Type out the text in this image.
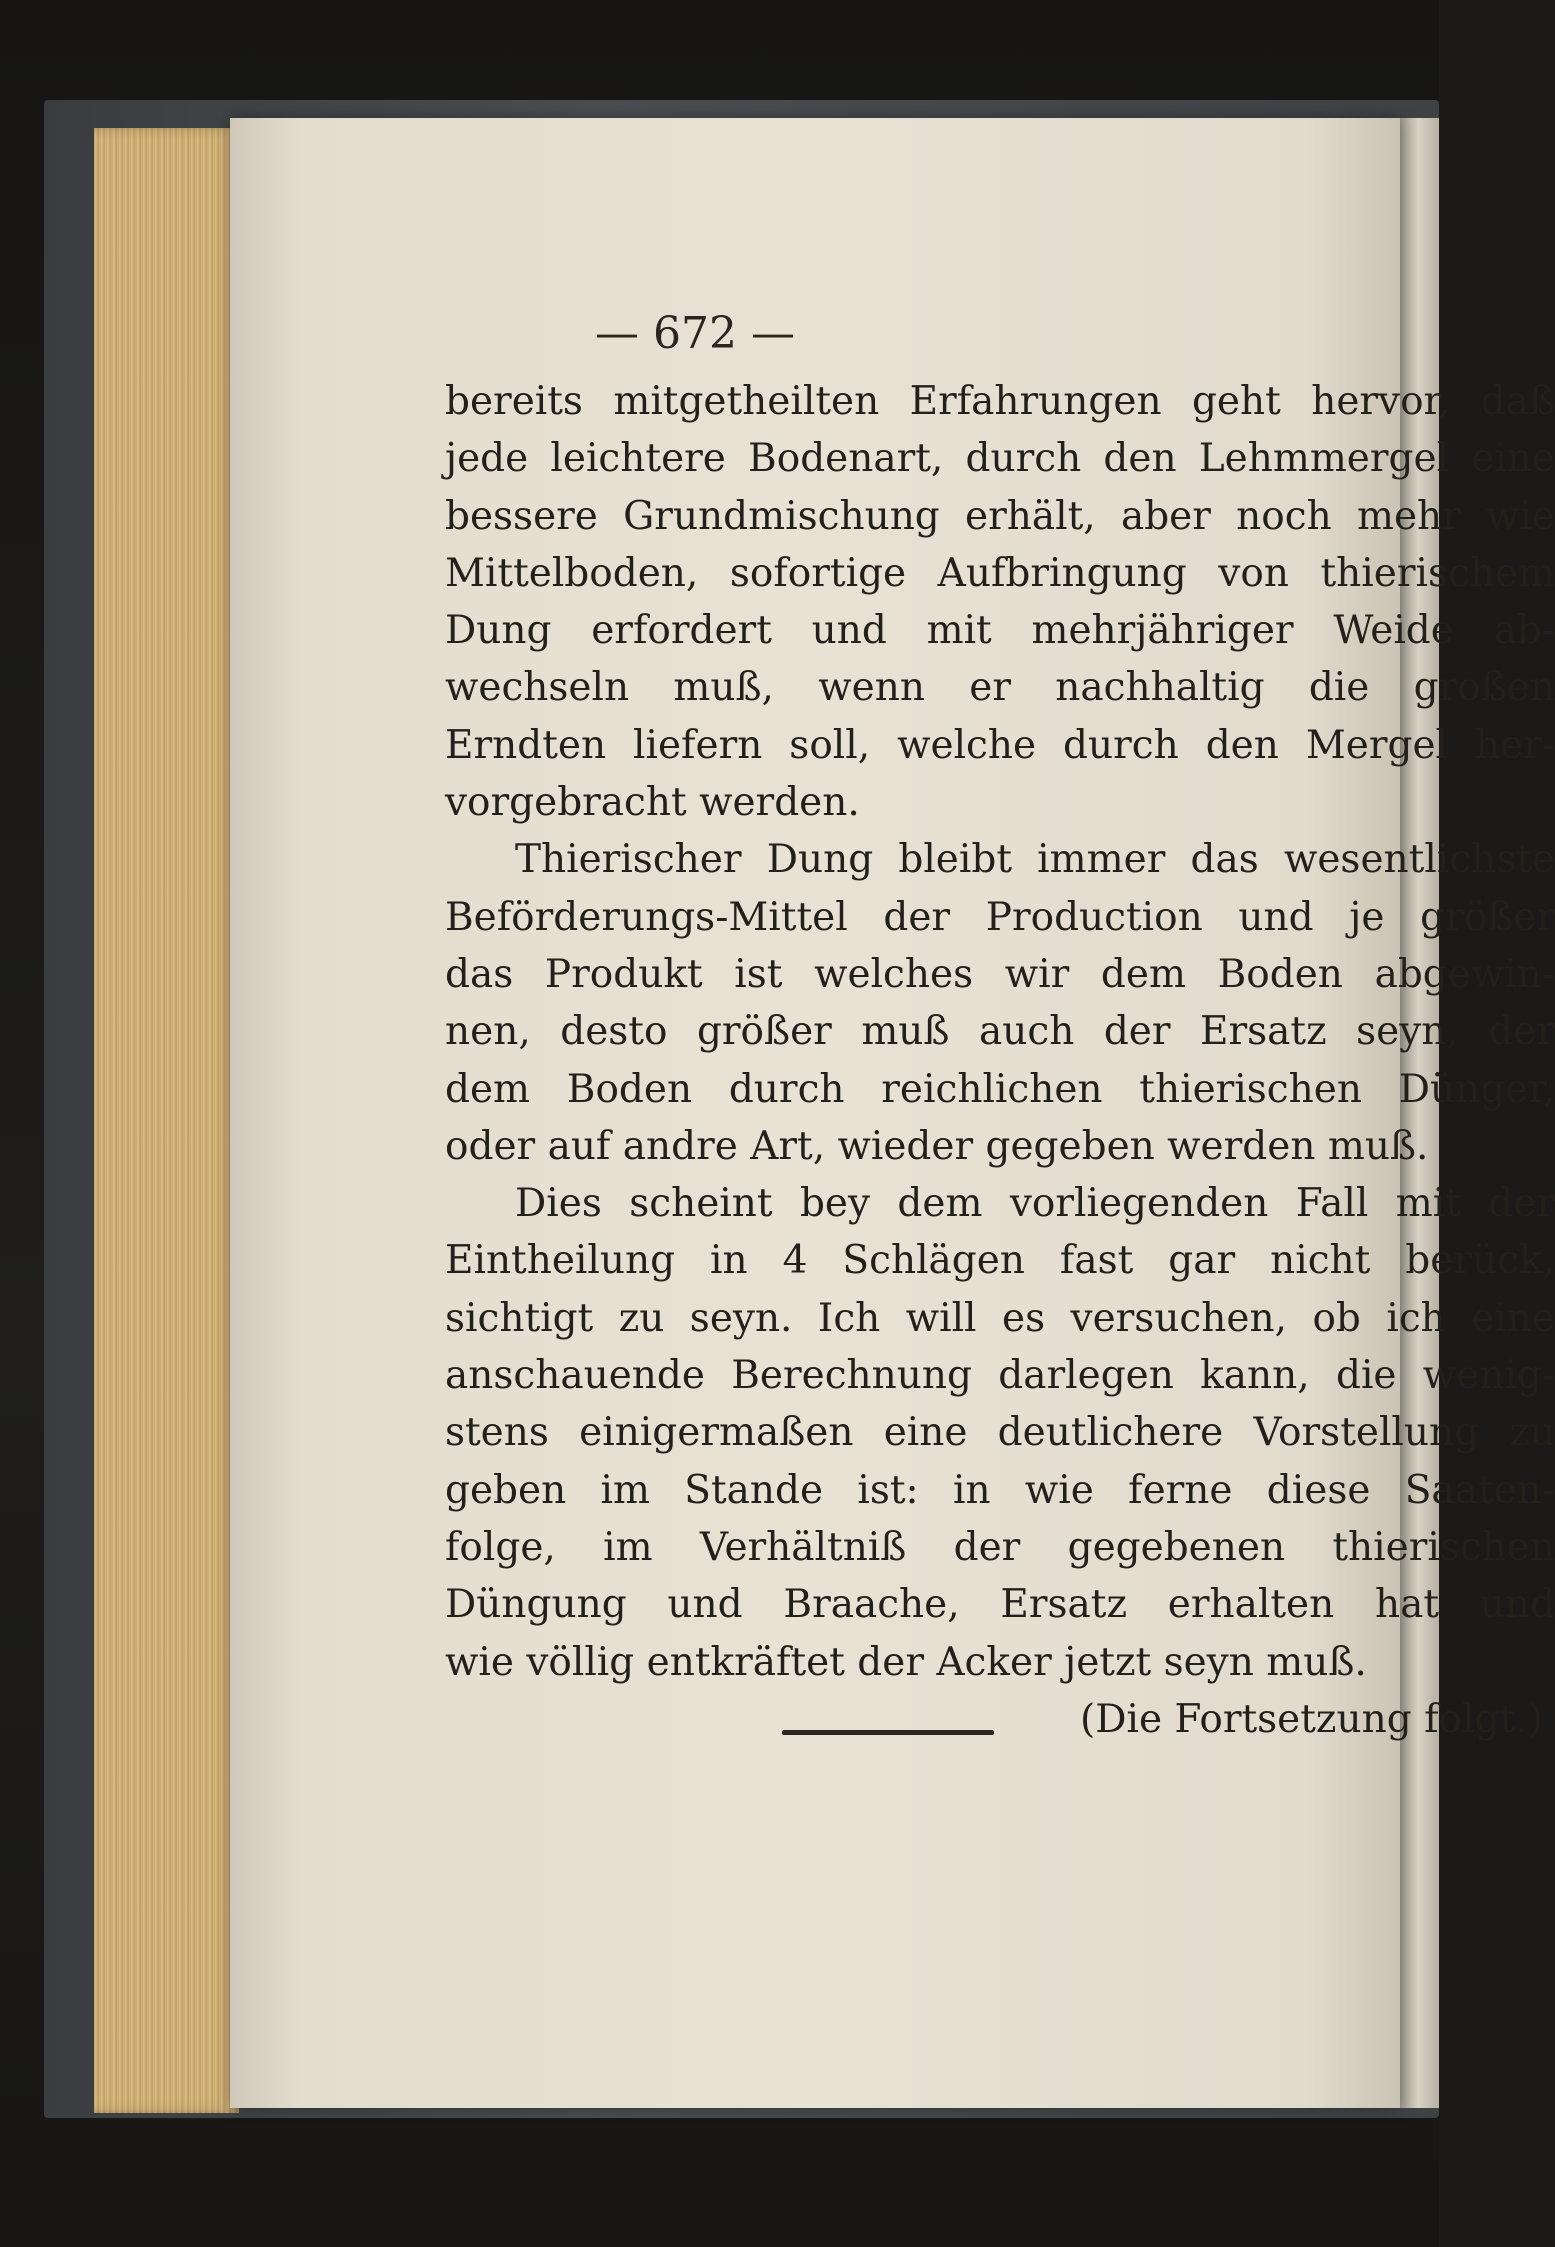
— 672 —
bereits mitgetheilten Erfahrungen geht hervor, daß
jede leichtere Bodenart, durch den Lehmmergel eine
bessere Grundmischung erhält, aber noch mehr wie
Mittelboden, sofortige Aufbringung von thierischem
Dung erfordert und mit mehrjähriger Weide ab-
wechseln muß, wenn er nachhaltig die großen
Erndten liefern soll, welche durch den Mergel her-
vorgebracht werden.
Thierischer Dung bleibt immer das wesentlichste
Beförderungs-Mittel der Production und je größer
das Produkt ist welches wir dem Boden abgewin-
nen, desto größer muß auch der Ersatz seyn, der
dem Boden durch reichlichen thierischen Dünger,
oder auf andre Art, wieder gegeben werden muß.
Dies scheint bey dem vorliegenden Fall mit der
Eintheilung in 4 Schlägen fast gar nicht berück,
sichtigt zu seyn. Ich will es versuchen, ob ich eine
anschauende Berechnung darlegen kann, die wenig-
stens einigermaßen eine deutlichere Vorstellung zu
geben im Stande ist: in wie ferne diese Saaten-
folge, im Verhältniß der gegebenen thierischen
Düngung und Braache, Ersatz erhalten hat und
wie völlig entkräftet der Acker jetzt seyn muß.
(Die Fortsetzung folgt.)
